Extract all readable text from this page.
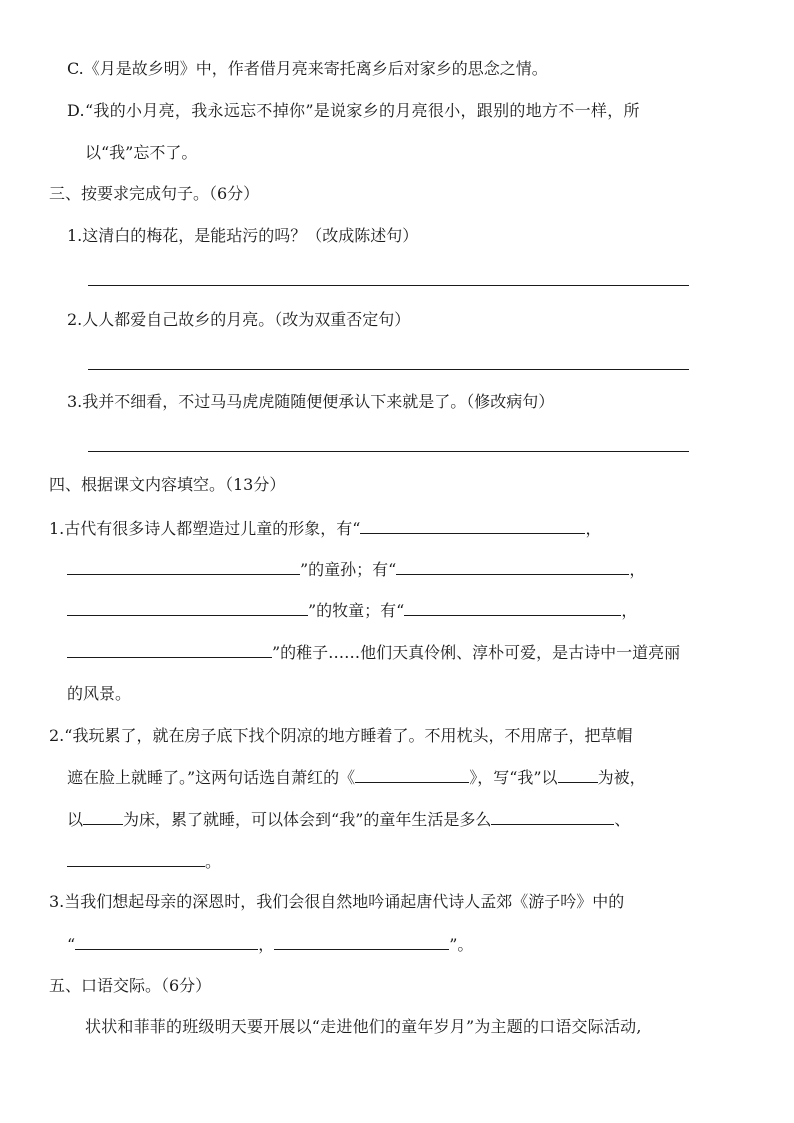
C.《月是故乡明》中，作者借月亮来寄托离乡后对家乡的思念之情。
D.“我的小月亮，我永远忘不掉你”是说家乡的月亮很小，跟别的地方不一样，所
以“我”忘不了。
三、按要求完成句子。（6分）
1.这清白的梅花，是能玷污的吗？（改成陈述句）
2.人人都爱自己故乡的月亮。（改为双重否定句）
3.我并不细看，不过马马虎虎随随便便承认下来就是了。（修改病句）
四、根据课文内容填空。（13分）
1.古代有很多诗人都塑造过儿童的形象，有“	，
”的童孙；有“	，
”的牧童；有“	，
”的稚子……他们天真伶俐、淳朴可爱，是古诗中一道亮丽
的风景。
2.“我玩累了，就在房子底下找个阴凉的地方睡着了。不用枕头，不用席子，把草帽
遮在脸上就睡了。”这两句话选自萧红的《	》，写“我”以	为被，
以	为床，累了就睡，可以体会到“我”的童年生活是多么	、
。
3.当我们想起母亲的深恩时，我们会很自然地吟诵起唐代诗人孟郊《游子吟》中的
“	，	”。
五、口语交际。（6分）
状状和菲菲的班级明天要开展以“走进他们的童年岁月”为主题的口语交际活动,
